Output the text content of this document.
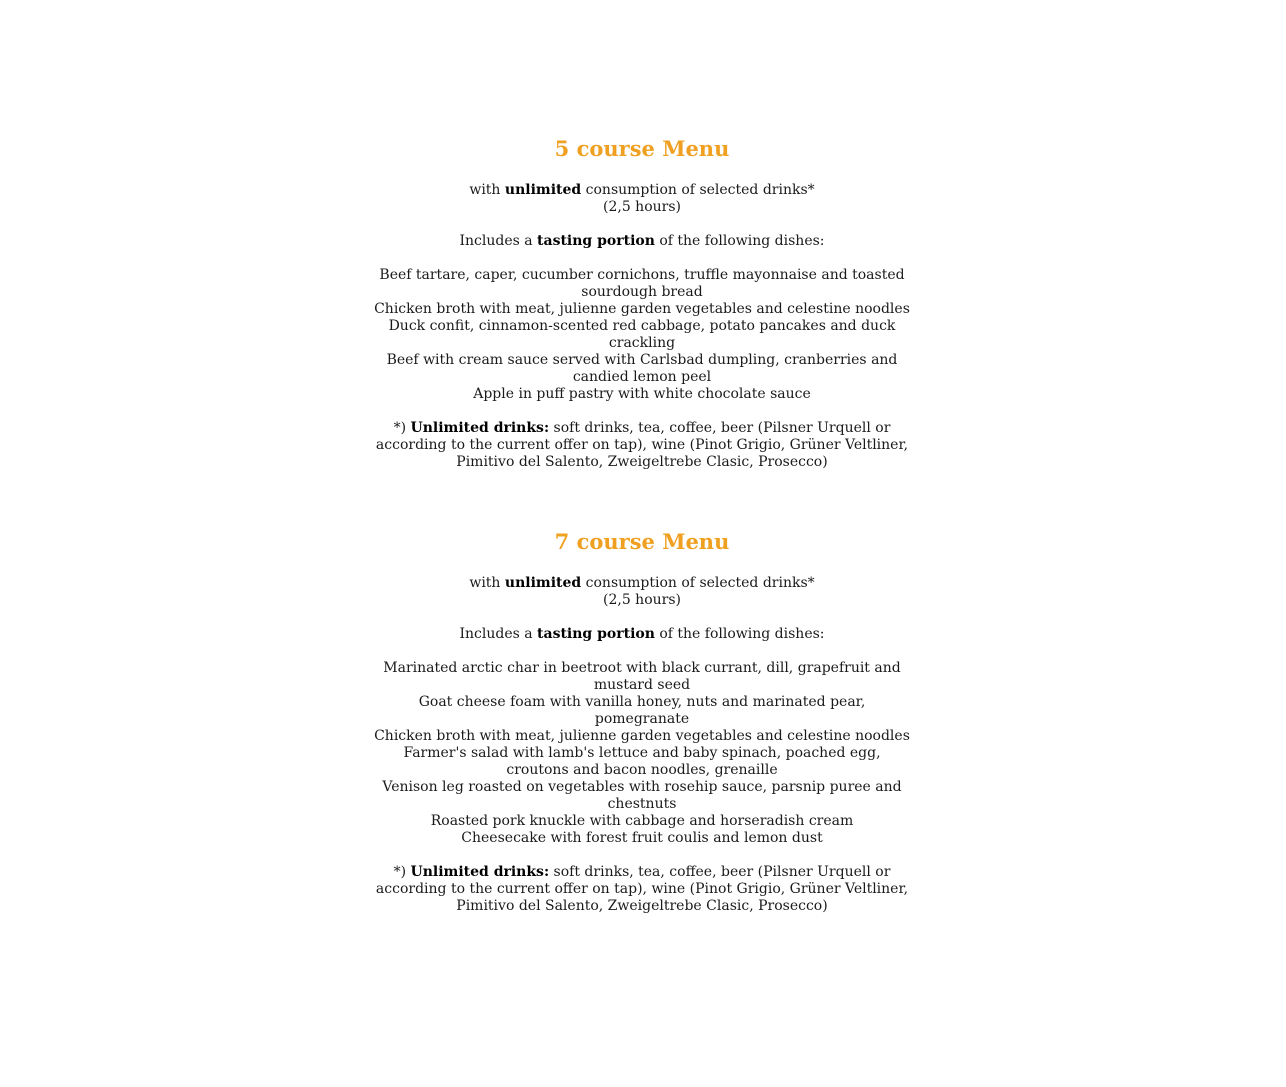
5 course Menu
with unlimited consumption of selected drinks*
(2,5 hours)
Includes a tasting portion of the following dishes:
Beef tartare, caper, cucumber cornichons, truffle mayonnaise and toasted sourdough bread
Chicken broth with meat, julienne garden vegetables and celestine noodles
Duck confit, cinnamon-scented red cabbage, potato pancakes and duck crackling
Beef with cream sauce served with Carlsbad dumpling, cranberries and candied lemon peel
Apple in puff pastry with white chocolate sauce
*) Unlimited drinks: soft drinks, tea, coffee, beer (Pilsner Urquell or according to the current offer on tap), wine (Pinot Grigio, Grüner Veltliner, Pimitivo del Salento, Zweigeltrebe Clasic, Prosecco)
7 course Menu
with unlimited consumption of selected drinks*
(2,5 hours)
Includes a tasting portion of the following dishes:
Marinated arctic char in beetroot with black currant, dill, grapefruit and mustard seed
Goat cheese foam with vanilla honey, nuts and marinated pear, pomegranate
Chicken broth with meat, julienne garden vegetables and celestine noodles
Farmer's salad with lamb's lettuce and baby spinach, poached egg, croutons and bacon noodles, grenaille
Venison leg roasted on vegetables with rosehip sauce, parsnip puree and chestnuts
Roasted pork knuckle with cabbage and horseradish cream
Cheesecake with forest fruit coulis and lemon dust
*) Unlimited drinks: soft drinks, tea, coffee, beer (Pilsner Urquell or according to the current offer on tap), wine (Pinot Grigio, Grüner Veltliner, Pimitivo del Salento, Zweigeltrebe Clasic, Prosecco)
